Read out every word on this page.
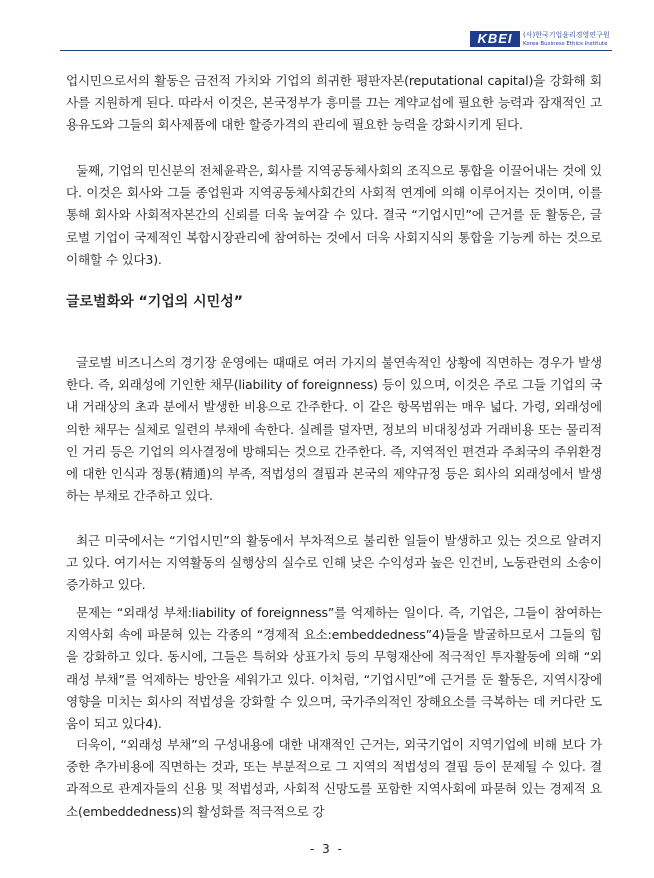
KBEI	(사)한국기업윤리경영연구원
Korea Business Ethics Institute

업시민으로서의 활동은 금전적 가치와 기업의 희귀한 평판자본(reputational capital)을 강화해 회사를 지원하게 된다. 따라서 이것은, 본국정부가 흥미를 끄는 계약교섭에 필요한 능력과 잠재적인 고용유도와 그들의 회사제품에 대한 할증가격의 관리에 필요한 능력을 강화시키게 된다.

둘째, 기업의 민신분의 전체윤곽은, 회사를 지역공동체사회의 조직으로 통합을 이끌어내는 것에 있다. 이것은 회사와 그들 종업원과 지역공동체사회간의 사회적 연계에 의해 이루어지는 것이며, 이를 통해 회사와 사회적자본간의 신뢰를 더욱 높여갈 수 있다. 결국 “기업시민”에 근거를 둔 활동은, 글로벌 기업이 국제적인 복합시장관리에 참여하는 것에서 더욱 사회지식의 통합을 기능케 하는 것으로 이해할 수 있다3).

글로벌화와 “기업의 시민성”

글로벌 비즈니스의 경기장 운영에는 때때로 여러 가지의 불연속적인 상황에 직면하는 경우가 발생한다. 즉, 외래성에 기인한 채무(liability of foreignness) 등이 있으며, 이것은 주로 그들 기업의 국내 거래상의 초과 분에서 발생한 비용으로 간주한다. 이 같은 항목범위는 매우 넓다. 가령, 외래성에 의한 채무는 실체로 일련의 부채에 속한다. 실례를 덜자면, 정보의 비대칭성과 거래비용 또는 물리적인 거리 등은 기업의 의사결정에 방해되는 것으로 간주한다. 즉, 지역적인 편견과 주최국의 주위환경에 대한 인식과 정통(精通)의 부족, 적법성의 결핍과 본국의 제약규정 등은 회사의 외래성에서 발생하는 부채로 간주하고 있다.

최근 미국에서는 “기업시민”의 활동에서 부차적으로 불리한 일들이 발생하고 있는 것으로 알려지고 있다. 여기서는 지역활동의 실행상의 실수로 인해 낮은 수익성과 높은 인건비, 노동관련의 소송이 증가하고 있다.

문제는 “외래성 부채:liability of foreignness”를 억제하는 일이다. 즉, 기업은, 그들이 참여하는 지역사회 속에 파묻혀 있는 각종의 “경제적 요소:embeddedness”4)들을 발굴하므로서 그들의 힘을 강화하고 있다. 동시에, 그들은 특허와 상표가치 등의 무형재산에 적극적인 투자활동에 의해 “외래성 부채”를 억제하는 방안을 세워가고 있다. 이처럼, “기업시민”에 근거를 둔 활동은, 지역시장에 영향을 미치는 회사의 적법성을 강화할 수 있으며, 국가주의적인 장해요소를 극복하는 데 커다란 도움이 되고 있다4).

더욱이, “외래성 부채”의 구성내용에 대한 내재적인 근거는, 외국기업이 지역기업에 비해 보다 가중한 추가비용에 직면하는 것과, 또는 부분적으로 그 지역의 적법성의 결핍 등이 문제될 수 있다. 결과적으로 관계자들의 신용 및 적법성과, 사회적 신망도를 포함한 지역사회에 파묻혀 있는 경제적 요소(embeddedness)의 활성화를 적극적으로 강

- 3 -
